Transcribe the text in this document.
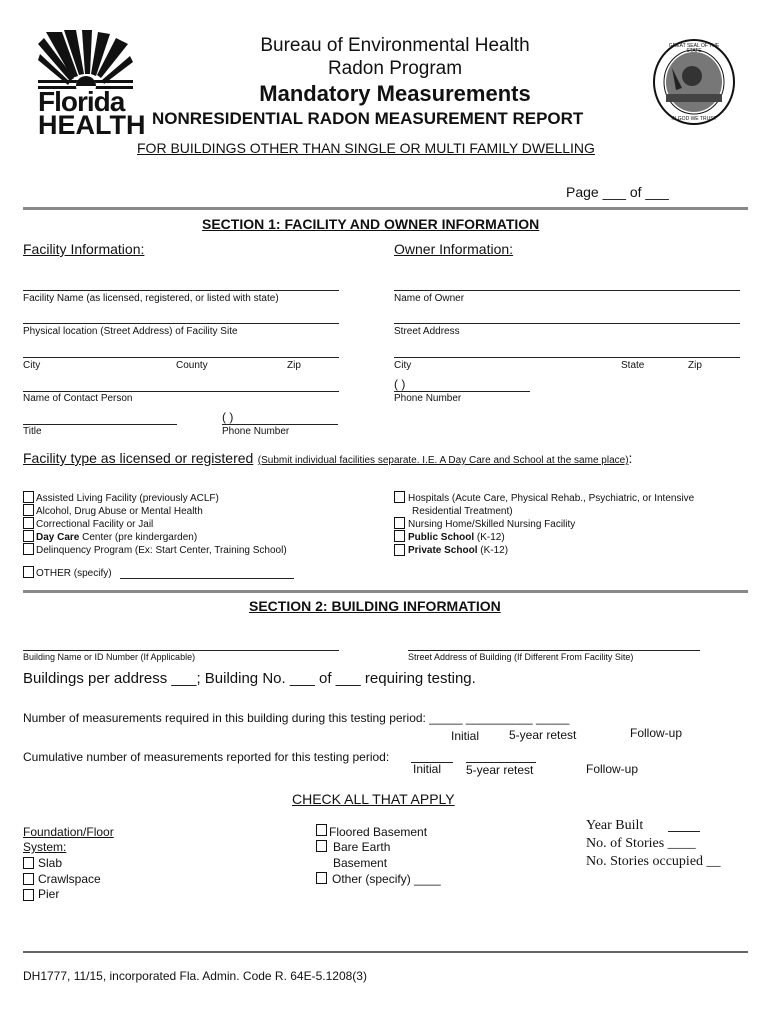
Florida
HEALTH
Bureau of Environmental Health
Radon Program
Mandatory Measurements
NONRESIDENTIAL RADON MEASUREMENT REPORT
FOR BUILDINGS OTHER THAN SINGLE OR MULTI FAMILY DWELLING
GREAT SEAL OF THE STATE
IN GOD WE TRUST
Page ___ of ___
SECTION 1: FACILITY AND OWNER INFORMATION
Facility Information:	Owner Information:
Facility Name (as licensed, registered, or listed with state)	Name of Owner
Physical location (Street Address) of Facility Site	Street Address
City	County	Zip	City	State	Zip
Name of Contact Person
( )
Phone Number
Title
( )
Phone Number
Facility type as licensed or registered (Submit individual facilities separate. I.E. A Day Care and School at the same place):
Assisted Living Facility (previously ACLF)
Alcohol, Drug Abuse or Mental Health
Correctional Facility or Jail
Day Care Center (pre kindergarden)
Delinquency Program (Ex: Start Center, Training School)
Hospitals (Acute Care, Physical Rehab., Psychiatric, or Intensive
Residential Treatment)
Nursing Home/Skilled Nursing Facility
Public School (K-12)
Private School (K-12)
OTHER (specify)
SECTION 2: BUILDING INFORMATION
Building Name or ID Number (If Applicable)	Street Address of Building (If Different From Facility Site)
Buildings per address ___; Building No. ___ of ___ requiring testing.
Number of measurements required in this building during this testing period: _____ __________ _____
Initial 5-year retest	Follow-up
Cumulative number of measurements reported for this testing period:
Initial 5-year retest	Follow-up
CHECK ALL THAT APPLY
Foundation/Floor
System:
Slab
Crawlspace
Pier
Floored Basement
Bare Earth
Basement
Other (specify) ____
Year Built
No. of Stories ____
No. Stories occupied __
DH1777, 11/15, incorporated Fla. Admin. Code R. 64E-5.1208(3)
